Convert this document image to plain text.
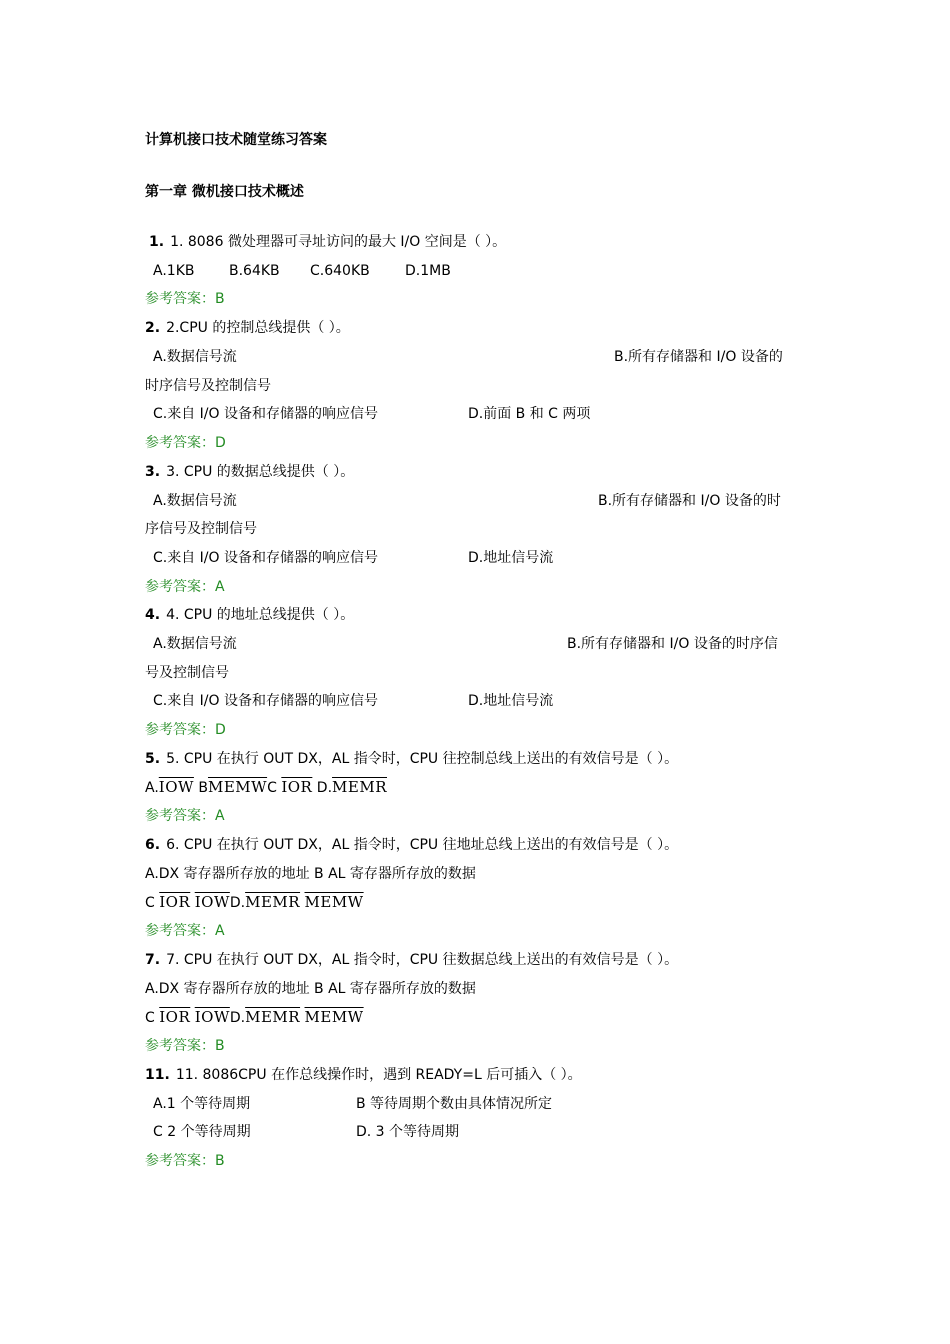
计算机接口技术随堂练习答案
第一章 微机接口技术概述
1. 1. 8086 微处理器可寻址访问的最大 I/O 空间是（ ）。
A.1KB B.64KB C.640KB	D.1MB
参考答案：B
2. 2.CPU 的控制总线提供（ ）。
A.数据信号流	B.所有存储器和 I/O 设备的
时序信号及控制信号
C.来自 I/O 设备和存储器的响应信号	D.前面 B 和 C 两项
参考答案：D
3. 3. CPU 的数据总线提供（ ）。
A.数据信号流	B.所有存储器和 I/O 设备的时
序信号及控制信号
C.来自 I/O 设备和存储器的响应信号	D.地址信号流
参考答案：A
4. 4. CPU 的地址总线提供（ ）。
A.数据信号流	B.所有存储器和 I/O 设备的时序信
号及控制信号
C.来自 I/O 设备和存储器的响应信号	D.地址信号流
参考答案：D
5. 5. CPU 在执行 OUT DX，AL 指令时，CPU 往控制总线上送出的有效信号是（ ）。
$A.\overline{IOW}$ BMEMWC $\overline{IOR}$ D.MEMR
参考答案：A
6. 6. CPU 在执行 OUT DX，AL 指令时，CPU 往地址总线上送出的有效信号是（ ）。
A.DX 寄存器所存放的地址 B AL 寄存器所存放的数据
C $\overline{IOR}$ $\overline{IOW}D.MEMR$ MEMW
参考答案：A
7. 7. CPU 在执行 OUT DX，AL 指令时，CPU 往数据总线上送出的有效信号是（ ）。
A.DX 寄存器所存放的地址 B AL 寄存器所存放的数据
C $\overline{IOR}$ $\overline{IOW}D.MEMR$ MEMW
参考答案：B
11. 11. 8086CPU 在作总线操作时，遇到 READY=L 后可插入（ ）。
A.1 个等待周期	B 等待周期个数由具体情况所定
C 2 个等待周期	D. 3 个等待周期
参考答案：B
